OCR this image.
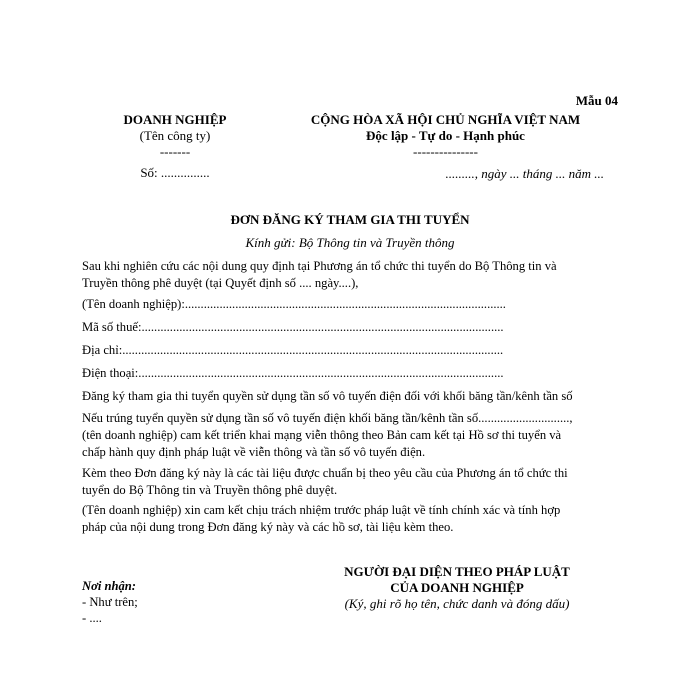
Mẫu 04
DOANH NGHIỆP
(Tên công ty)
-------
Số: ...............
CỘNG HÒA XÃ HỘI CHỦ NGHĨA VIỆT NAM
Độc lập - Tự do - Hạnh phúc
---------------
........., ngày ... tháng ... năm ...
ĐƠN ĐĂNG KÝ THAM GIA THI TUYỂN
Kính gửi: Bộ Thông tin và Truyền thông
Sau khi nghiên cứu các nội dung quy định tại Phương án tổ chức thi tuyển do Bộ Thông tin và
Truyền thông phê duyệt (tại Quyết định số .... ngày....),
(Tên doanh nghiệp):......................................................................................................
Mã số thuế:...................................................................................................................
Địa chỉ:.........................................................................................................................
Điện thoại:....................................................................................................................
Đăng ký tham gia thi tuyển quyền sử dụng tần số vô tuyến điện đối với khối băng tần/kênh tần số
Nếu trúng tuyển quyền sử dụng tần số vô tuyến điện khối băng tần/kênh tần số.............................,
(tên doanh nghiệp) cam kết triển khai mạng viễn thông theo Bản cam kết tại Hồ sơ thi tuyển và
chấp hành quy định pháp luật về viễn thông và tần số vô tuyến điện.
Kèm theo Đơn đăng ký này là các tài liệu được chuẩn bị theo yêu cầu của Phương án tổ chức thi
tuyển do Bộ Thông tin và Truyền thông phê duyệt.
(Tên doanh nghiệp) xin cam kết chịu trách nhiệm trước pháp luật về tính chính xác và tính hợp
pháp của nội dung trong Đơn đăng ký này và các hồ sơ, tài liệu kèm theo.
Nơi nhận:
- Như trên;
- ....
NGƯỜI ĐẠI DIỆN THEO PHÁP LUẬT
CỦA DOANH NGHIỆP
(Ký, ghi rõ họ tên, chức danh và đóng dấu)
